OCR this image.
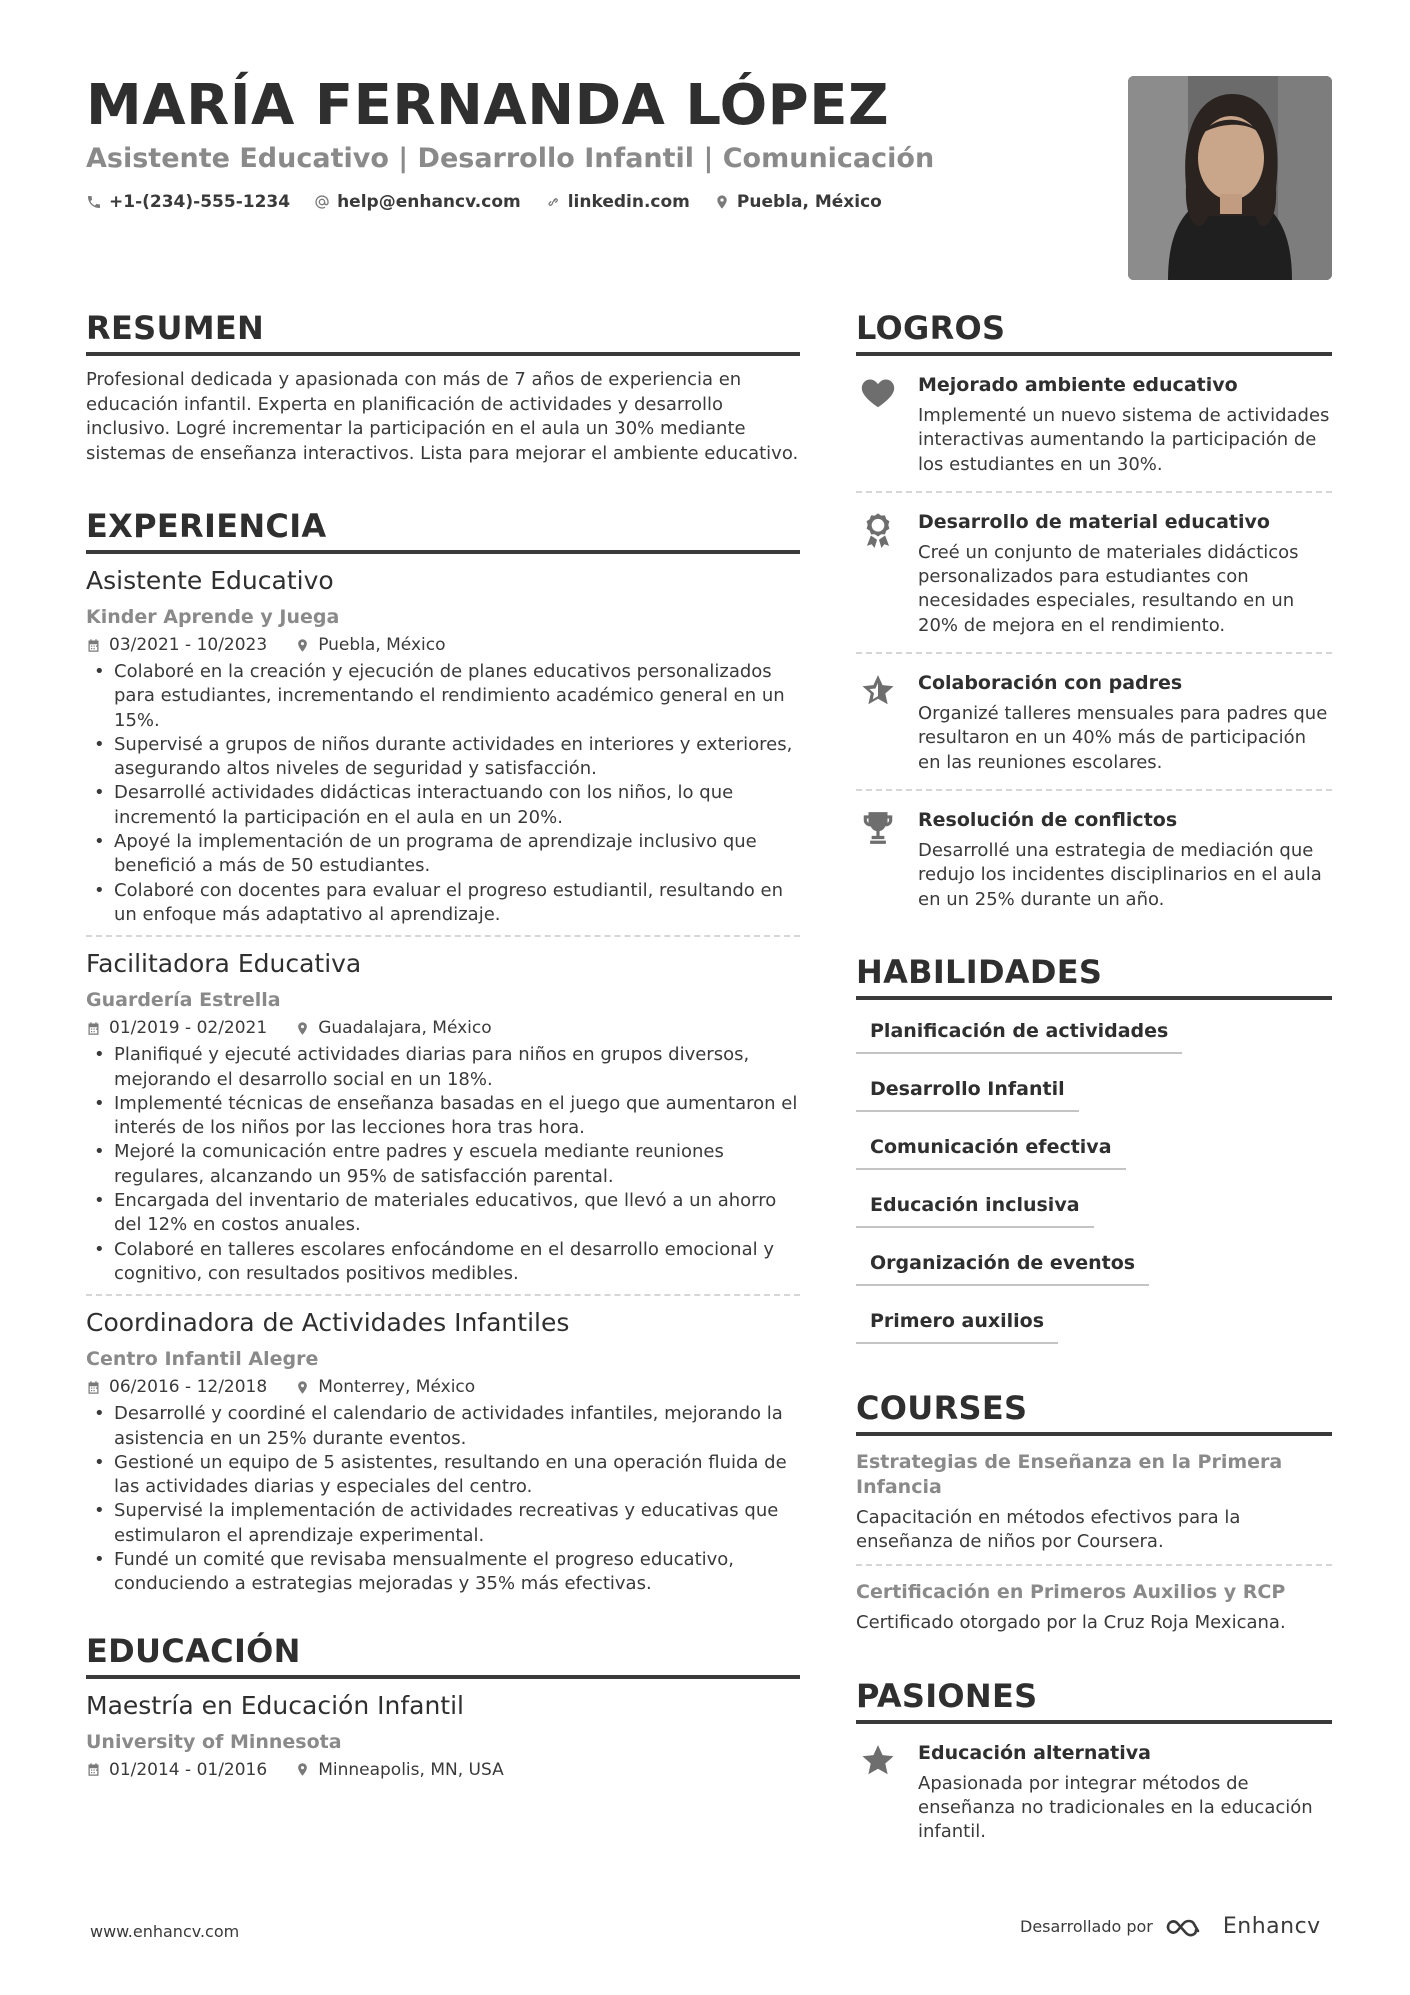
MARÍA FERNANDA LÓPEZ
Asistente Educativo | Desarrollo Infantil | Comunicación
+1-(234)-555-1234	help@enhancv.com	linkedin.com	Puebla, México
RESUMEN
Profesional dedicada y apasionada con más de 7 años de experiencia en educación infantil. Experta en planificación de actividades y desarrollo inclusivo. Logré incrementar la participación en el aula un 30% mediante sistemas de enseñanza interactivos. Lista para mejorar el ambiente educativo.
EXPERIENCIA
Asistente Educativo
Kinder Aprende y Juega
03/2021 - 10/2023	Puebla, México
• Colaboré en la creación y ejecución de planes educativos personalizados para estudiantes, incrementando el rendimiento académico general en un 15%.
• Supervisé a grupos de niños durante actividades en interiores y exteriores, asegurando altos niveles de seguridad y satisfacción.
• Desarrollé actividades didácticas interactuando con los niños, lo que incrementó la participación en el aula en un 20%.
• Apoyé la implementación de un programa de aprendizaje inclusivo que benefició a más de 50 estudiantes.
• Colaboré con docentes para evaluar el progreso estudiantil, resultando en un enfoque más adaptativo al aprendizaje.
Facilitadora Educativa
Guardería Estrella
01/2019 - 02/2021	Guadalajara, México
• Planifiqué y ejecuté actividades diarias para niños en grupos diversos, mejorando el desarrollo social en un 18%.
• Implementé técnicas de enseñanza basadas en el juego que aumentaron el interés de los niños por las lecciones hora tras hora.
• Mejoré la comunicación entre padres y escuela mediante reuniones regulares, alcanzando un 95% de satisfacción parental.
• Encargada del inventario de materiales educativos, que llevó a un ahorro del 12% en costos anuales.
• Colaboré en talleres escolares enfocándome en el desarrollo emocional y cognitivo, con resultados positivos medibles.
Coordinadora de Actividades Infantiles
Centro Infantil Alegre
06/2016 - 12/2018	Monterrey, México
• Desarrollé y coordiné el calendario de actividades infantiles, mejorando la asistencia en un 25% durante eventos.
• Gestioné un equipo de 5 asistentes, resultando en una operación fluida de las actividades diarias y especiales del centro.
• Supervisé la implementación de actividades recreativas y educativas que estimularon el aprendizaje experimental.
• Fundé un comité que revisaba mensualmente el progreso educativo, conduciendo a estrategias mejoradas y 35% más efectivas.
EDUCACIÓN
Maestría en Educación Infantil
University of Minnesota
01/2014 - 01/2016	Minneapolis, MN, USA
LOGROS
Mejorado ambiente educativo
Implementé un nuevo sistema de actividades interactivas aumentando la participación de los estudiantes en un 30%.
Desarrollo de material educativo
Creé un conjunto de materiales didácticos personalizados para estudiantes con necesidades especiales, resultando en un 20% de mejora en el rendimiento.
Colaboración con padres
Organizé talleres mensuales para padres que resultaron en un 40% más de participación en las reuniones escolares.
Resolución de conflictos
Desarrollé una estrategia de mediación que redujo los incidentes disciplinarios en el aula en un 25% durante un año.
HABILIDADES
Planificación de actividades
Desarrollo Infantil
Comunicación efectiva
Educación inclusiva
Organización de eventos
Primero auxilios
COURSES
Estrategias de Enseñanza en la Primera Infancia
Capacitación en métodos efectivos para la enseñanza de niños por Coursera.
Certificación en Primeros Auxilios y RCP
Certificado otorgado por la Cruz Roja Mexicana.
PASIONES
Educación alternativa
Apasionada por integrar métodos de enseñanza no tradicionales en la educación infantil.
www.enhancv.com	Desarrollado por	Enhancv
